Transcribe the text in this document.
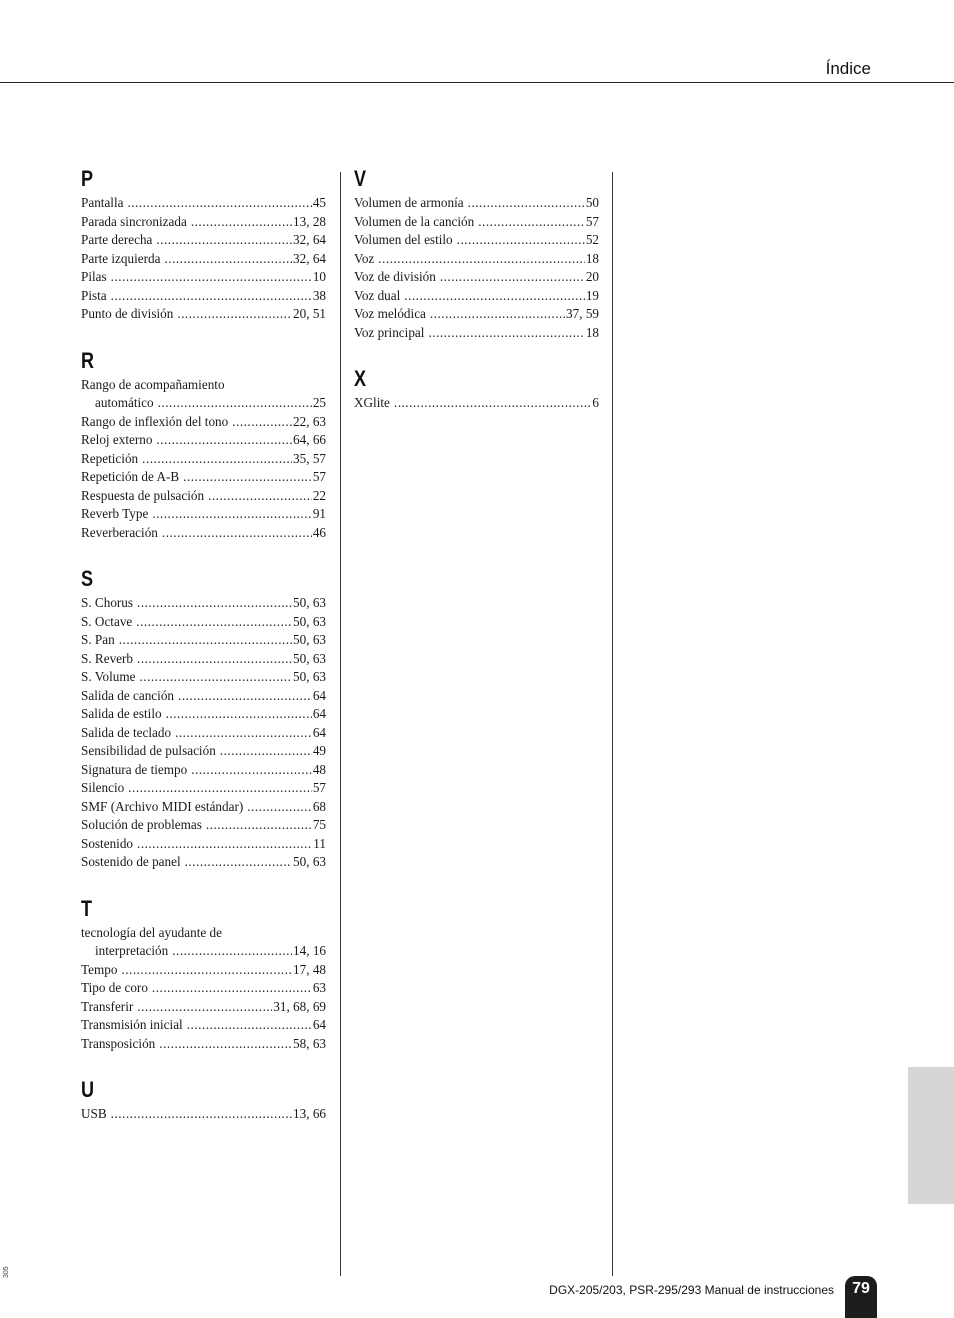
Índice
P
Pantalla .....	45
Parada sincronizada .....	13, 28
Parte derecha .....	32, 64
Parte izquierda .....	32, 64
Pilas .....	10
Pista .....	38
Punto de división .....	20, 51
R
Rango de acompañamiento
automático .....	25
Rango de inflexión del tono .....	22, 63
Reloj externo .....	64, 66
Repetición .....	35, 57
Repetición de A-B .....	57
Respuesta de pulsación .....	22
Reverb Type .....	91
Reverberación .....	46
S
S. Chorus .....	50, 63
S. Octave .....	50, 63
S. Pan .....	50, 63
S. Reverb .....	50, 63
S. Volume .....	50, 63
Salida de canción .....	64
Salida de estilo .....	64
Salida de teclado .....	64
Sensibilidad de pulsación .....	49
Signatura de tiempo .....	48
Silencio .....	57
SMF (Archivo MIDI estándar) .....	68
Solución de problemas .....	75
Sostenido .....	11
Sostenido de panel .....	50, 63
T
tecnología del ayudante de
interpretación .....	14, 16
Tempo .....	17, 48
Tipo de coro .....	63
Transferir .....	31, 68, 69
Transmisión inicial .....	64
Transposición .....	58, 63
U
USB .....	13, 66
V
Volumen de armonía .....	50
Volumen de la canción .....	57
Volumen del estilo .....	52
Voz .....	18
Voz de división .....	20
Voz dual .....	19
Voz melódica .....	37, 59
Voz principal .....	18
X
XGlite .....	6
DGX-205/203, PSR-295/293 Manual de instrucciones	79
305
